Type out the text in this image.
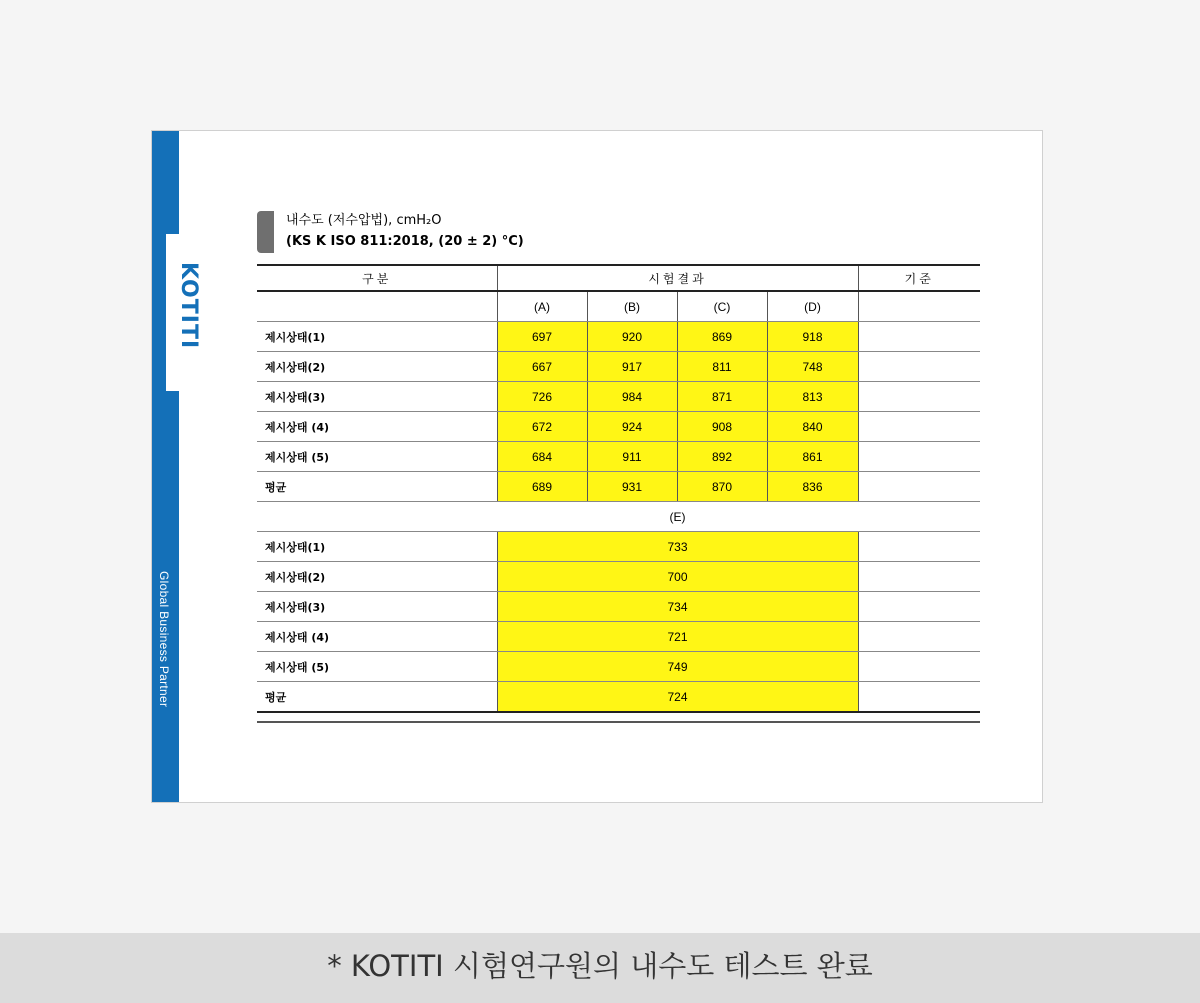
Global Business Partner
KOTITI
내수도 (저수압법), cmH₂O
(KS K ISO 811:2018, (20 ± 2) °C)
구분	시험결과				기준
	(A)	(B)	(C)	(D)	
제시상태(1)	697	920	869	918	
제시상태(2)	667	917	811	748	
제시상태(3)	726	984	871	813	
제시상태 (4)	672	924	908	840	
제시상태 (5)	684	911	892	861	
평균	689	931	870	836	
	(E)				
제시상태(1)	733				
제시상태(2)	700				
제시상태(3)	734				
제시상태 (4)	721				
제시상태 (5)	749				
평균	724				
* KOTITI 시험연구원의 내수도 테스트 완료
